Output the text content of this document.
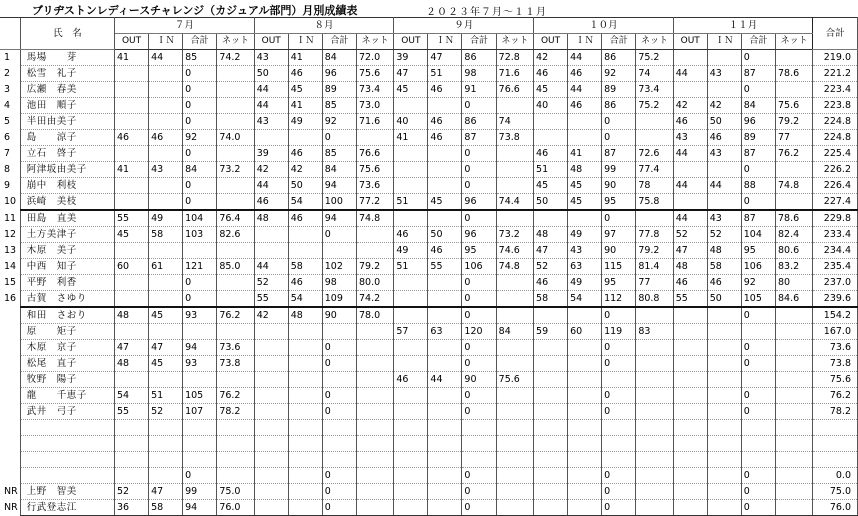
ブリヂストンレディースチャレンジ（カジュアル部門）月別成績表	２０２３年７月～１１月
	氏　名	７月				８月				９月				１０月				１１月				合計
		OUT	ＩＮ	合計	ネット	OUT	ＩＮ	合計	ネット	OUT	ＩＮ	合計	ネット	OUT	ＩＮ	合計	ネット	OUT	ＩＮ	合計	ネット	
1	馬場　　芽	41	44	85	74.2	43	41	84	72.0	39	47	86	72.8	42	44	86	75.2			0		219.0
2	松雪　礼子			0		50	46	96	75.6	47	51	98	71.6	46	46	92	74	44	43	87	78.6	221.2
3	広瀬　春美			0		44	45	89	73.4	45	46	91	76.6	45	44	89	73.4			0		223.4
4	池田　順子			0		44	41	85	73.0			0		40	46	86	75.2	42	42	84	75.6	223.8
5	半田由美子			0		43	49	92	71.6	40	46	86	74			0		46	50	96	79.2	224.8
6	島　　涼子	46	46	92	74.0			0		41	46	87	73.8			0		43	46	89	77	224.8
7	立石　啓子			0		39	46	85	76.6			0		46	41	87	72.6	44	43	87	76.2	225.4
8	阿津坂由美子	41	43	84	73.2	42	42	84	75.6			0		51	48	99	77.4			0		226.2
9	崩中　利枝			0		44	50	94	73.6			0		45	45	90	78	44	44	88	74.8	226.4
10	浜崎　美枝			0		46	54	100	77.2	51	45	96	74.4	50	45	95	75.8			0		227.4
11	田島　直美	55	49	104	76.4	48	46	94	74.8			0				0		44	43	87	78.6	229.8
12	土方美津子	45	58	103	82.6			0		46	50	96	73.2	48	49	97	77.8	52	52	104	82.4	233.4
13	木原　美子									49	46	95	74.6	47	43	90	79.2	47	48	95	80.6	234.4
14	中西　知子	60	61	121	85.0	44	58	102	79.2	51	55	106	74.8	52	63	115	81.4	48	58	106	83.2	235.4
15	平野　利香			0		52	46	98	80.0			0		46	49	95	77	46	46	92	80	237.0
16	古賀　さゆり			0		55	54	109	74.2			0		58	54	112	80.8	55	50	105	84.6	239.6
	和田　さおり	48	45	93	76.2	42	48	90	78.0			0				0				0		154.2
	原　　矩子									57	63	120	84	59	60	119	83					167.0
	木原　京子	47	47	94	73.6			0				0				0				0		73.6
	松尾　直子	48	45	93	73.8			0				0				0				0		73.8
	牧野　陽子									46	44	90	75.6									75.6
	龍　　千恵子	54	51	105	76.2			0				0				0				0		76.2
	武井　弓子	55	52	107	78.2			0				0				0				0		78.2

				0				0				0				0				0		0.0
NR	上野　智美	52	47	99	75.0			0				0				0				0		75.0
NR	行武登志江	36	58	94	76.0			0				0				0				0		76.0
